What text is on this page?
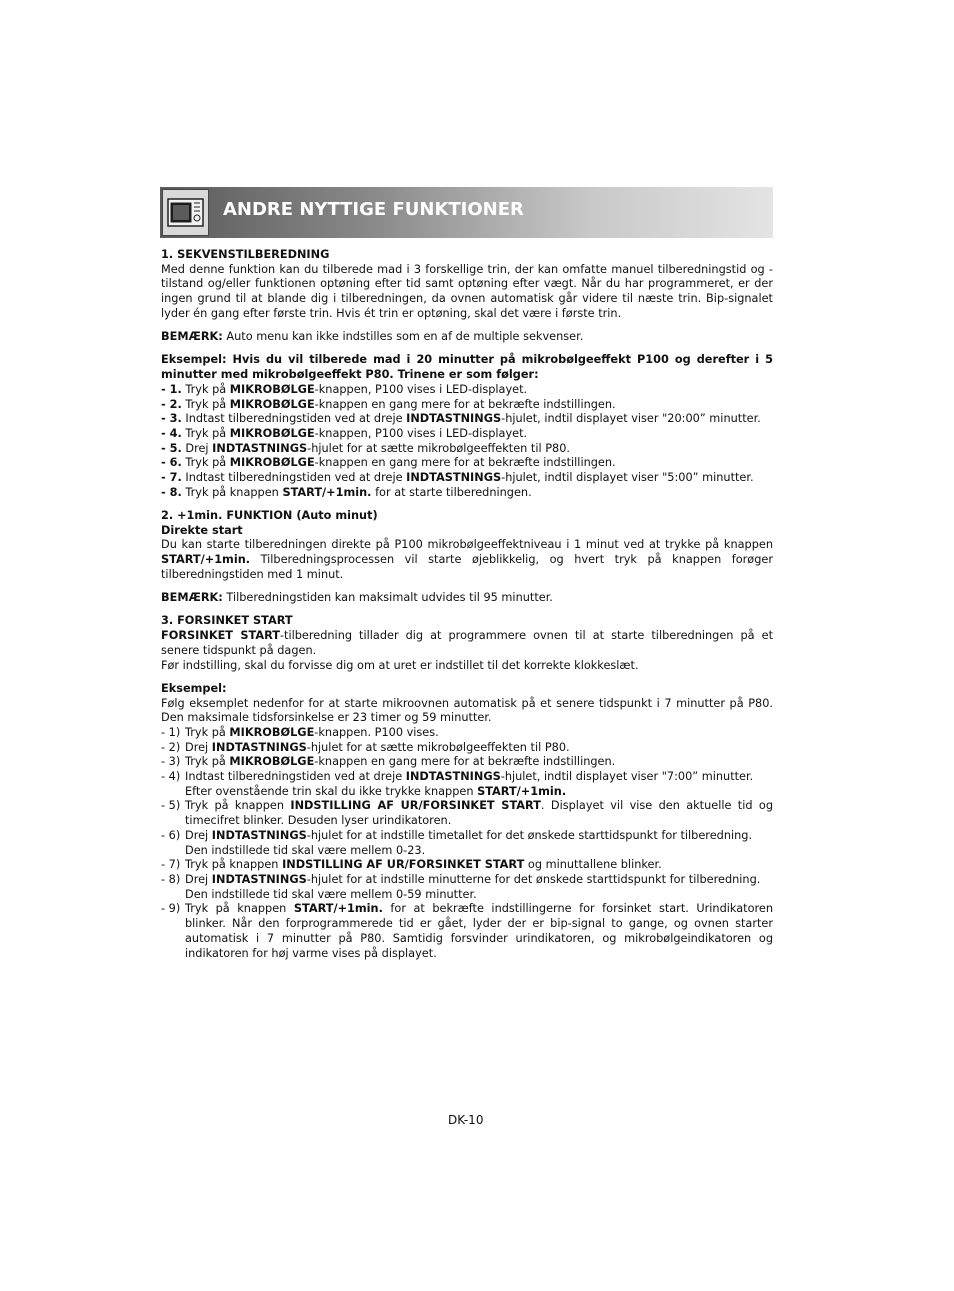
ANDRE NYTTIGE FUNKTIONER

1. SEKVENSTILBEREDNING

Med denne funktion kan du tilberede mad i 3 forskellige trin, der kan omfatte manuel tilberedningstid og -tilstand og/eller funktionen optøning efter tid samt optøning efter vægt. Når du har programmeret, er der ingen grund til at blande dig i tilberedningen, da ovnen automatisk går videre til næste trin. Bip-signalet lyder én gang efter første trin. Hvis ét trin er optøning, skal det være i første trin.

BEMÆRK: Auto menu kan ikke indstilles som en af de multiple sekvenser.

Eksempel: Hvis du vil tilberede mad i 20 minutter på mikrobølgeeffekt P100 og derefter i 5 minutter med mikrobølgeeffekt P80. Trinene er som følger:

- 1. Tryk på MIKROBØLGE-knappen, P100 vises i LED-displayet.
- 2. Tryk på MIKROBØLGE-knappen en gang mere for at bekræfte indstillingen.
- 3. Indtast tilberedningstiden ved at dreje INDTASTNINGS-hjulet, indtil displayet viser "20:00” minutter.
- 4. Tryk på MIKROBØLGE-knappen, P100 vises i LED-displayet.
- 5. Drej INDTASTNINGS-hjulet for at sætte mikrobølgeeffekten til P80.
- 6. Tryk på MIKROBØLGE-knappen en gang mere for at bekræfte indstillingen.
- 7. Indtast tilberedningstiden ved at dreje INDTASTNINGS-hjulet, indtil displayet viser "5:00” minutter.
- 8. Tryk på knappen START/+1min. for at starte tilberedningen.

2. +1min. FUNKTION (Auto minut)

Direkte start

Du kan starte tilberedningen direkte på P100 mikrobølgeeffektniveau i 1 minut ved at trykke på knappen START/+1min. Tilberedningsprocessen vil starte øjeblikkelig, og hvert tryk på knappen forøger tilberedningstiden med 1 minut.

BEMÆRK: Tilberedningstiden kan maksimalt udvides til 95 minutter.

3. FORSINKET START

FORSINKET START-tilberedning tillader dig at programmere ovnen til at starte tilberedningen på et senere tidspunkt på dagen.

Før indstilling, skal du forvisse dig om at uret er indstillet til det korrekte klokkeslæt.

Eksempel:

Følg eksemplet nedenfor for at starte mikroovnen automatisk på et senere tidspunkt i 7 minutter på P80. Den maksimale tidsforsinkelse er 23 timer og 59 minutter.

- 1) Tryk på MIKROBØLGE-knappen. P100 vises.
- 2) Drej INDTASTNINGS-hjulet for at sætte mikrobølgeeffekten til P80.
- 3) Tryk på MIKROBØLGE-knappen en gang mere for at bekræfte indstillingen.
- 4) Indtast tilberedningstiden ved at dreje INDTASTNINGS-hjulet, indtil displayet viser "7:00” minutter.
Efter ovenstående trin skal du ikke trykke knappen START/+1min.
- 5) Tryk på knappen INDSTILLING AF UR/FORSINKET START. Displayet vil vise den aktuelle tid og timecifret blinker. Desuden lyser urindikatoren.
- 6) Drej INDTASTNINGS-hjulet for at indstille timetallet for det ønskede starttidspunkt for tilberedning.
Den indstillede tid skal være mellem 0-23.
- 7) Tryk på knappen INDSTILLING AF UR/FORSINKET START og minuttallene blinker.
- 8) Drej INDTASTNINGS-hjulet for at indstille minutterne for det ønskede starttidspunkt for tilberedning.
Den indstillede tid skal være mellem 0-59 minutter.
- 9) Tryk på knappen START/+1min. for at bekræfte indstillingerne for forsinket start. Urindikatoren blinker. Når den forprogrammerede tid er gået, lyder der er bip-signal to gange, og ovnen starter automatisk i 7 minutter på P80. Samtidig forsvinder urindikatoren, og mikrobølgeindikatoren og indikatoren for høj varme vises på displayet.
DK-10
